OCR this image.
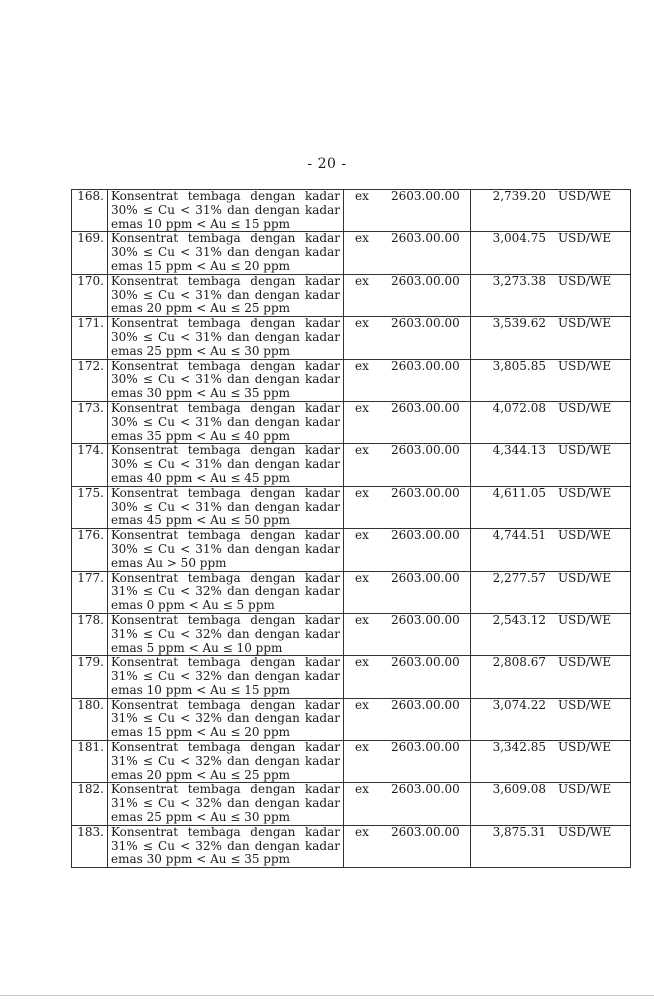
- 20 -
168.	Konsentrat tembaga dengan kadar
30% ≤ Cu < 31% dan dengan kadar
emas 10 ppm < Au ≤ 15 ppm	ex 2603.00.00	2,739.20 USD/WE
169.	Konsentrat tembaga dengan kadar
30% ≤ Cu < 31% dan dengan kadar
emas 15 ppm < Au ≤ 20 ppm	ex 2603.00.00	3,004.75 USD/WE
170.	Konsentrat tembaga dengan kadar
30% ≤ Cu < 31% dan dengan kadar
emas 20 ppm < Au ≤ 25 ppm	ex 2603.00.00	3,273.38 USD/WE
171.	Konsentrat tembaga dengan kadar
30% ≤ Cu < 31% dan dengan kadar
emas 25 ppm < Au ≤ 30 ppm	ex 2603.00.00	3,539.62 USD/WE
172.	Konsentrat tembaga dengan kadar
30% ≤ Cu < 31% dan dengan kadar
emas 30 ppm < Au ≤ 35 ppm	ex 2603.00.00	3,805.85 USD/WE
173.	Konsentrat tembaga dengan kadar
30% ≤ Cu < 31% dan dengan kadar
emas 35 ppm < Au ≤ 40 ppm	ex 2603.00.00	4,072.08 USD/WE
174.	Konsentrat tembaga dengan kadar
30% ≤ Cu < 31% dan dengan kadar
emas 40 ppm < Au ≤ 45 ppm	ex 2603.00.00	4,344.13 USD/WE
175.	Konsentrat tembaga dengan kadar
30% ≤ Cu < 31% dan dengan kadar
emas 45 ppm < Au ≤ 50 ppm	ex 2603.00.00	4,611.05 USD/WE
176.	Konsentrat tembaga dengan kadar
30% ≤ Cu < 31% dan dengan kadar
emas Au > 50 ppm	ex 2603.00.00	4,744.51 USD/WE
177.	Konsentrat tembaga dengan kadar
31% ≤ Cu < 32% dan dengan kadar
emas 0 ppm < Au ≤ 5 ppm	ex 2603.00.00	2,277.57 USD/WE
178.	Konsentrat tembaga dengan kadar
31% ≤ Cu < 32% dan dengan kadar
emas 5 ppm < Au ≤ 10 ppm	ex 2603.00.00	2,543.12 USD/WE
179.	Konsentrat tembaga dengan kadar
31% ≤ Cu < 32% dan dengan kadar
emas 10 ppm < Au ≤ 15 ppm	ex 2603.00.00	2,808.67 USD/WE
180.	Konsentrat tembaga dengan kadar
31% ≤ Cu < 32% dan dengan kadar
emas 15 ppm < Au ≤ 20 ppm	ex 2603.00.00	3,074.22 USD/WE
181.	Konsentrat tembaga dengan kadar
31% ≤ Cu < 32% dan dengan kadar
emas 20 ppm < Au ≤ 25 ppm	ex 2603.00.00	3,342.85 USD/WE
182.	Konsentrat tembaga dengan kadar
31% ≤ Cu < 32% dan dengan kadar
emas 25 ppm < Au ≤ 30 ppm	ex 2603.00.00	3,609.08 USD/WE
183.	Konsentrat tembaga dengan kadar
31% ≤ Cu < 32% dan dengan kadar
emas 30 ppm < Au ≤ 35 ppm	ex 2603.00.00	3,875.31 USD/WE
